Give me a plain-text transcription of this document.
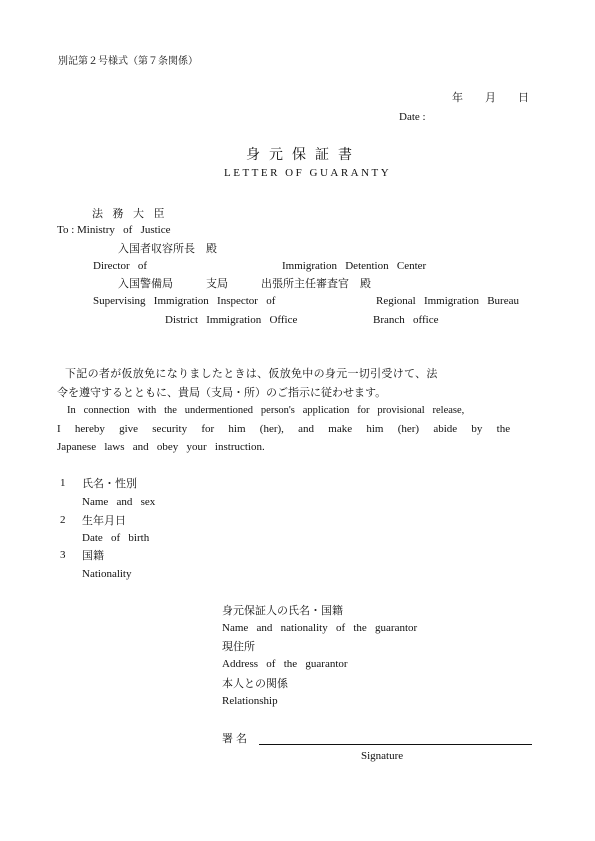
別記第２号様式（第７条関係）
年　　月　　日
Date :
身元保証書
LETTER OF GUARANTY
法 務 大 臣
To : Ministry   of   Justice
入国者収容所長　殿
Director   of	Immigration   Detention   Center
入国警備局　　　支局　　　出張所主任審査官　殿
Supervising   Immigration   Inspector   of	Regional   Immigration   Bureau
District   Immigration   Office	Branch   office
下記の者が仮放免になりましたときは、仮放免中の身元一切引受けて、法
令を遵守するとともに、貴局（支局・所）のご指示に従わせます。
In   connection   with   the   undermentioned   person's   application   for   provisional   release,
I   hereby   give   security   for   him   (her),   and   make   him   (her)   abide   by   the
Japanese   laws   and   obey   your   instruction.
1 氏名・性別
Name   and   sex
2 生年月日
Date   of   birth
3 国籍
Nationality
身元保証人の氏名・国籍
Name   and   nationality   of   the   guarantor
現住所
Address   of   the   guarantor
本人との関係
Relationship
署名
Signature
